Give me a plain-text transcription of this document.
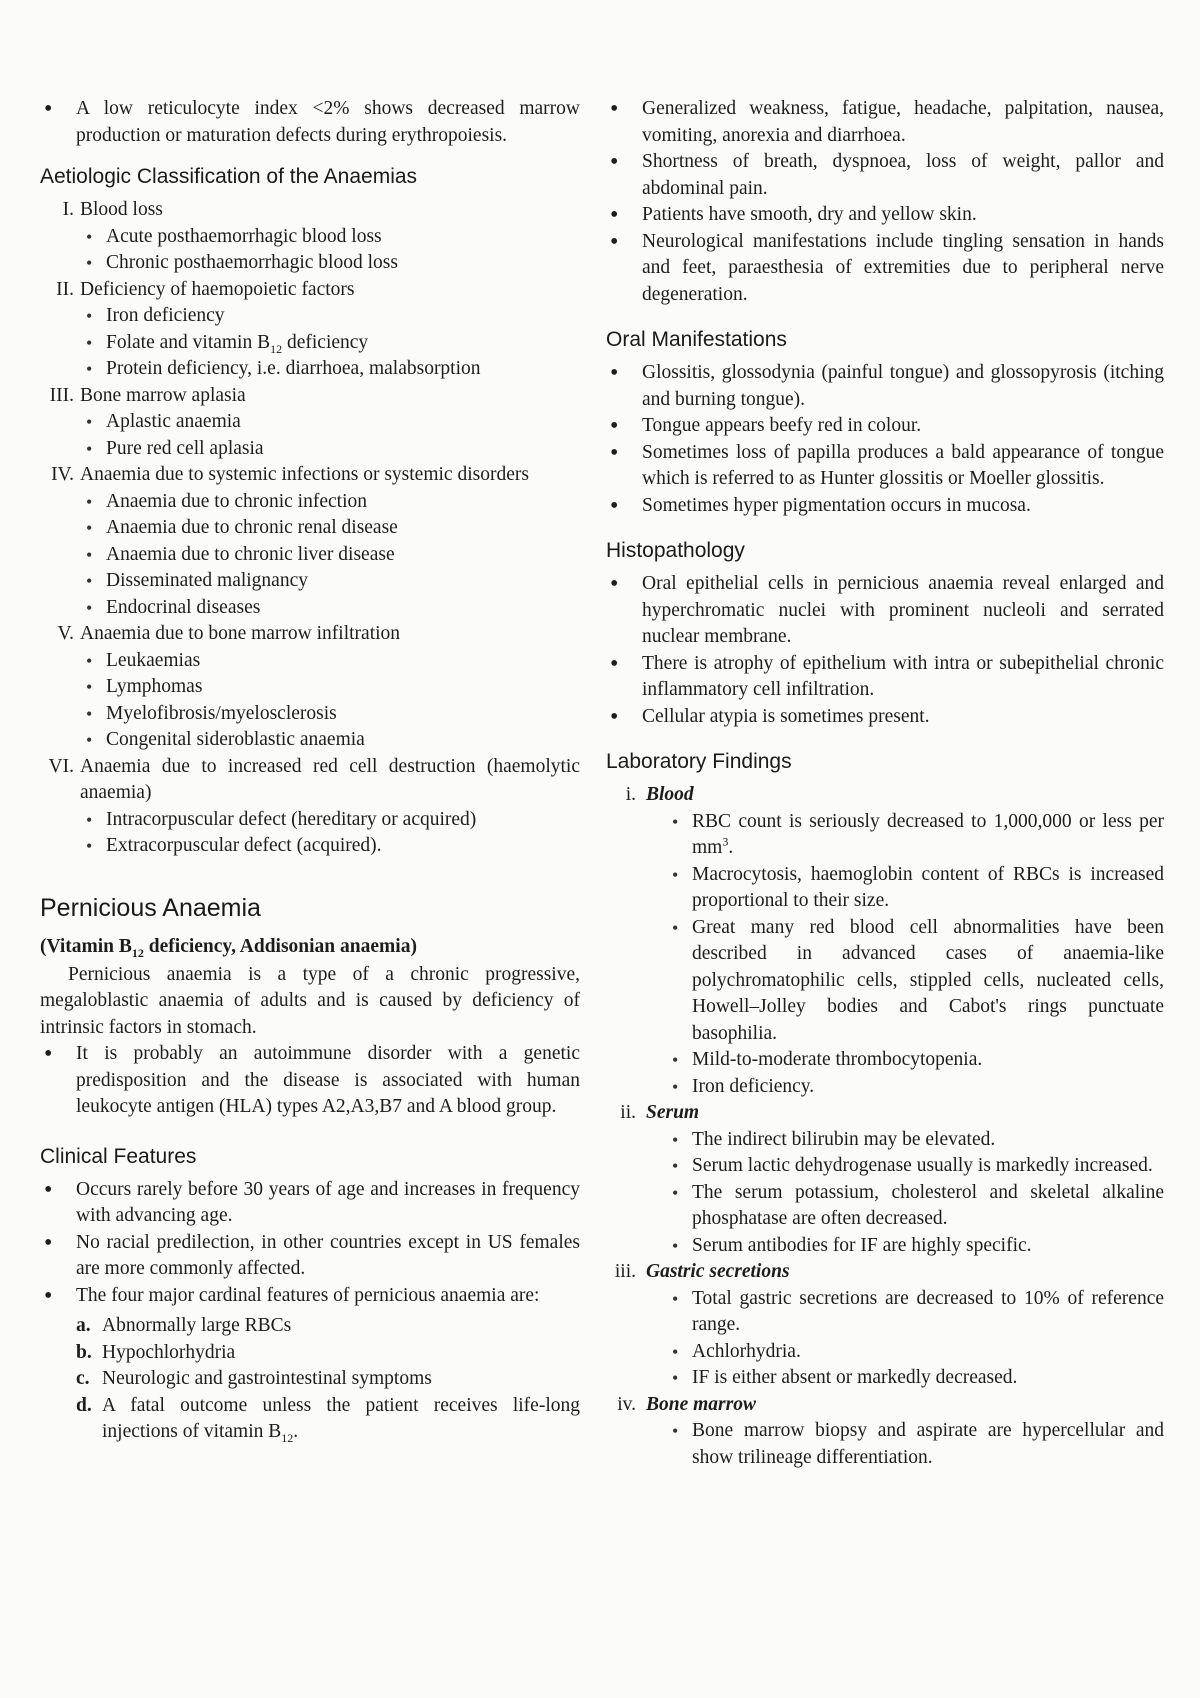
• A low reticulocyte index <2% shows decreased marrow production or maturation defects during erythropoiesis.
Aetiologic Classification of the Anaemias
I. Blood loss
• Acute posthaemorrhagic blood loss
• Chronic posthaemorrhagic blood loss
II. Deficiency of haemopoietic factors
• Iron deficiency
• Folate and vitamin $B_{12}$ deficiency
• Protein deficiency, i.e. diarrhoea, malabsorption
III. Bone marrow aplasia
• Aplastic anaemia
• Pure red cell aplasia
IV. Anaemia due to systemic infections or systemic disorders
• Anaemia due to chronic infection
• Anaemia due to chronic renal disease
• Anaemia due to chronic liver disease
• Disseminated malignancy
• Endocrinal diseases
V. Anaemia due to bone marrow infiltration
• Leukaemias
• Lymphomas
• Myelofibrosis/myelosclerosis
• Congenital sideroblastic anaemia
VI. Anaemia due to increased red cell destruction (haemolytic anaemia)
• Intracorpuscular defect (hereditary or acquired)
• Extracorpuscular defect (acquired).
Pernicious Anaemia

(Vitamin $B_{12}$ deficiency, Addisonian anaemia)

Pernicious anaemia is a type of a chronic progressive, megaloblastic anaemia of adults and is caused by deficiency of intrinsic factors in stomach.

• It is probably an autoimmune disorder with a genetic predisposition and the disease is associated with human leukocyte antigen (HLA) types A2,A3,B7 and A blood group.
Clinical Features
• Occurs rarely before 30 years of age and increases in frequency with advancing age.
• No racial predilection, in other countries except in US females are more commonly affected.
• The four major cardinal features of pernicious anaemia are:
a. Abnormally large RBCs
b. Hypochlorhydria
c. Neurologic and gastrointestinal symptoms
d. A fatal outcome unless the patient receives life-long injections of vitamin $B_{12}$.
• Generalized weakness, fatigue, headache, palpitation, nausea, vomiting, anorexia and diarrhoea.
• Shortness of breath, dyspnoea, loss of weight, pallor and abdominal pain.
• Patients have smooth, dry and yellow skin.
• Neurological manifestations include tingling sensation in hands and feet, paraesthesia of extremities due to peripheral nerve degeneration.
Oral Manifestations
• Glossitis, glossodynia (painful tongue) and glossopyrosis (itching and burning tongue).
• Tongue appears beefy red in colour.
• Sometimes loss of papilla produces a bald appearance of tongue which is referred to as Hunter glossitis or Moeller glossitis.
• Sometimes hyper pigmentation occurs in mucosa.
Histopathology
• Oral epithelial cells in pernicious anaemia reveal enlarged and hyperchromatic nuclei with prominent nucleoli and serrated nuclear membrane.
• There is atrophy of epithelium with intra or subepithelial chronic inflammatory cell infiltration.
• Cellular atypia is sometimes present.
Laboratory Findings
i. Blood
• RBC count is seriously decreased to 1,000,000 or less per $mm^3$.
• Macrocytosis, haemoglobin content of RBCs is increased proportional to their size.
• Great many red blood cell abnormalities have been described in advanced cases of anaemia-like polychromatophilic cells, stippled cells, nucleated cells, Howell–Jolley bodies and Cabot's rings punctuate basophilia.
• Mild-to-moderate thrombocytopenia.
• Iron deficiency.
ii. Serum
• The indirect bilirubin may be elevated.
• Serum lactic dehydrogenase usually is markedly increased.
• The serum potassium, cholesterol and skeletal alkaline phosphatase are often decreased.
• Serum antibodies for IF are highly specific.
iii. Gastric secretions
• Total gastric secretions are decreased to 10% of reference range.
• Achlorhydria.
• IF is either absent or markedly decreased.
iv. Bone marrow
• Bone marrow biopsy and aspirate are hypercellular and show trilineage differentiation.
